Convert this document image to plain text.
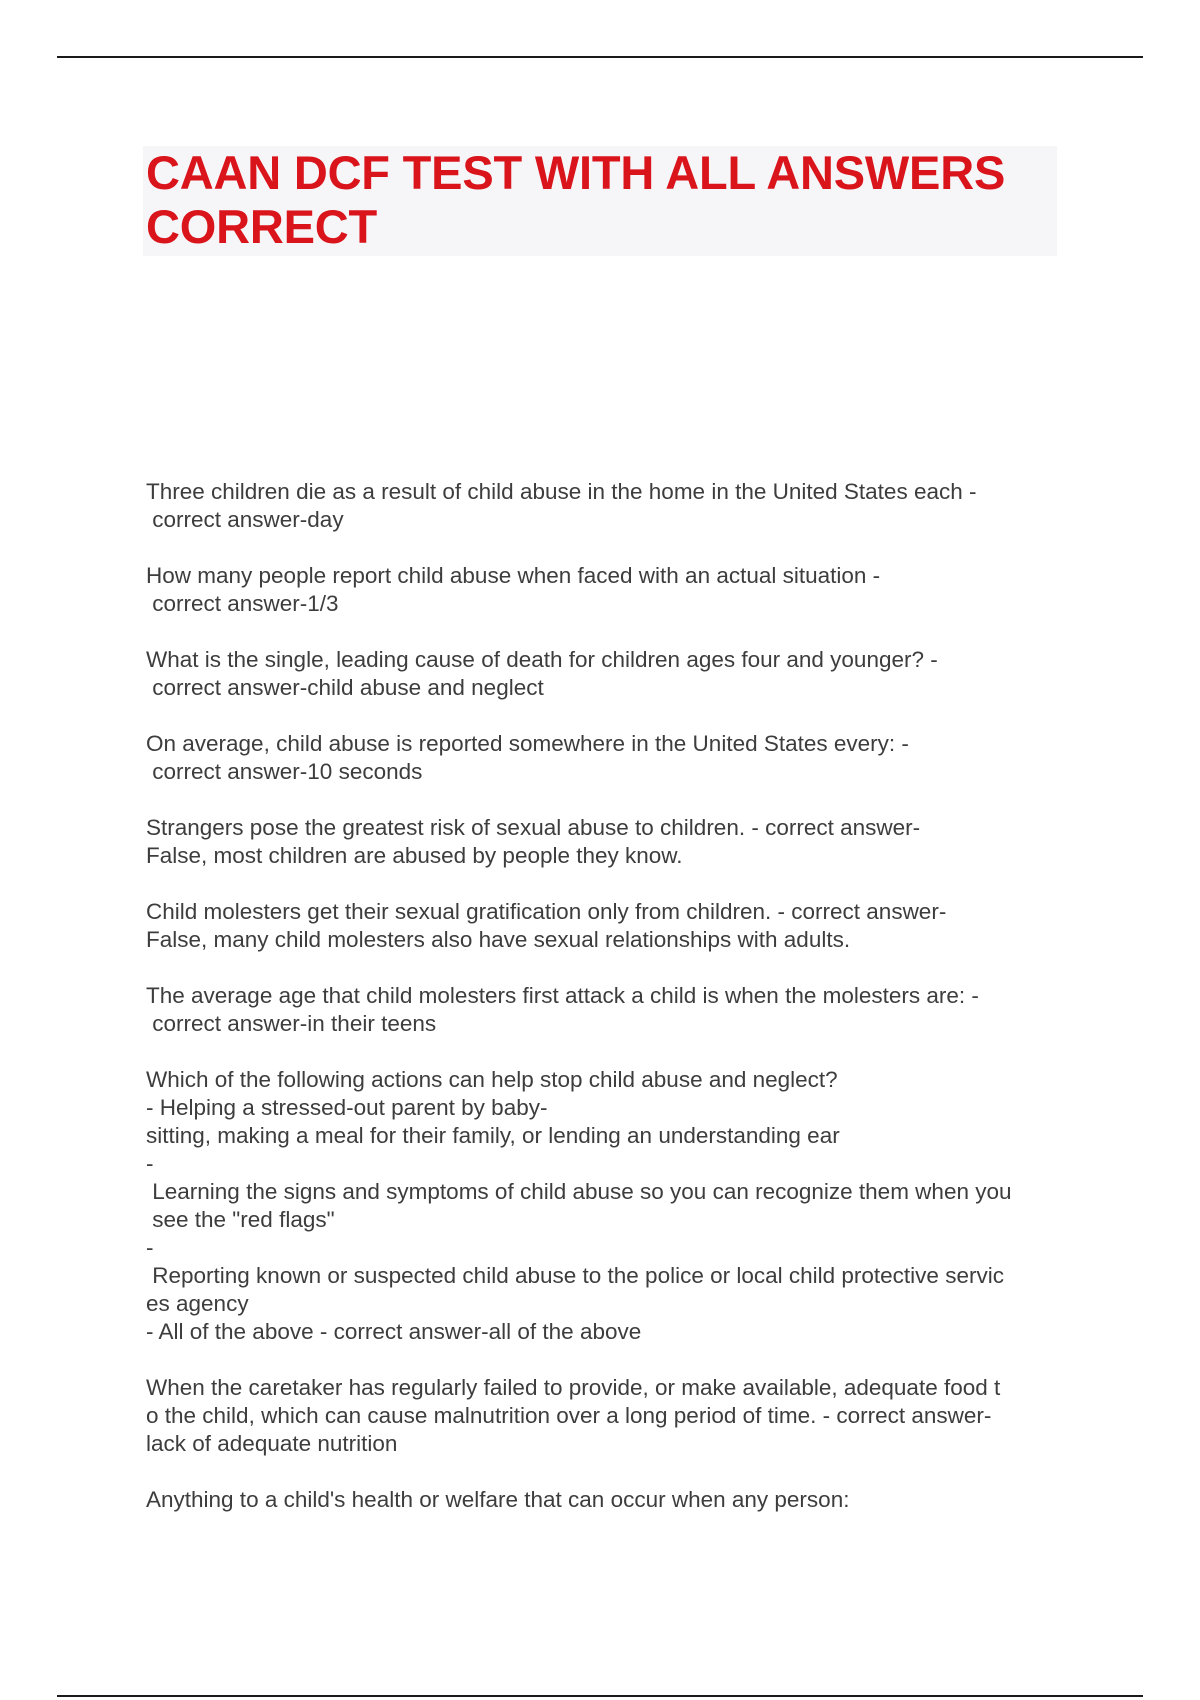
CAAN DCF TEST WITH ALL ANSWERS
CORRECT
Three children die as a result of child abuse in the home in the United States each -
correct answer-day
How many people report child abuse when faced with an actual situation -
correct answer-1/3
What is the single, leading cause of death for children ages four and younger? -
correct answer-child abuse and neglect
On average, child abuse is reported somewhere in the United States every: -
correct answer-10 seconds
Strangers pose the greatest risk of sexual abuse to children. - correct answer-
False, most children are abused by people they know.
Child molesters get their sexual gratification only from children. - correct answer-
False, many child molesters also have sexual relationships with adults.
The average age that child molesters first attack a child is when the molesters are: -
correct answer-in their teens
Which of the following actions can help stop child abuse and neglect?
- Helping a stressed-out parent by baby-
sitting, making a meal for their family, or lending an understanding ear
-
Learning the signs and symptoms of child abuse so you can recognize them when you
see the "red flags"
-
Reporting known or suspected child abuse to the police or local child protective servic
es agency
- All of the above - correct answer-all of the above
When the caretaker has regularly failed to provide, or make available, adequate food t
o the child, which can cause malnutrition over a long period of time. - correct answer-
lack of adequate nutrition
Anything to a child's health or welfare that can occur when any person:
